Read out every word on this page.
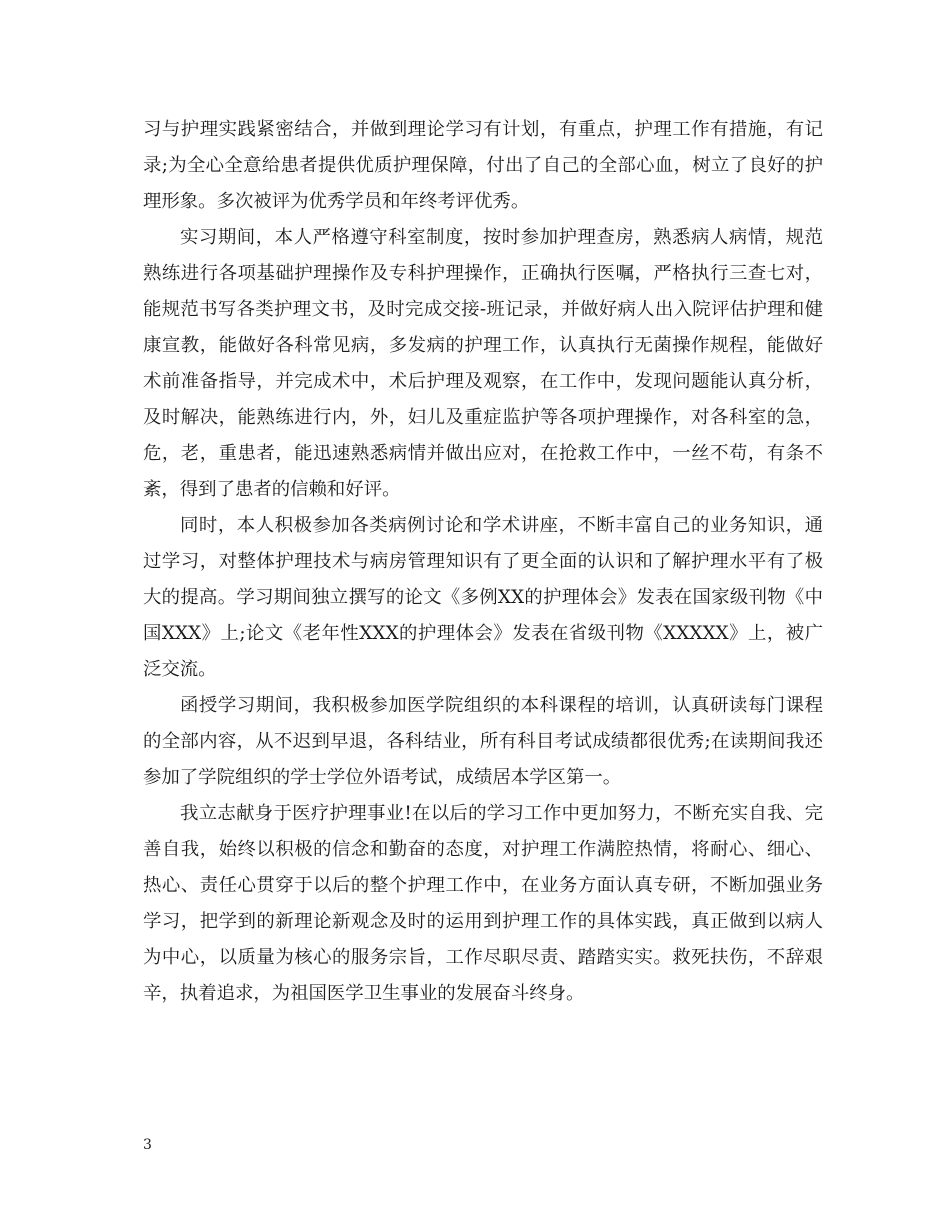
习与护理实践紧密结合，并做到理论学习有计划，有重点，护理工作有措施，有记录;为全心全意给患者提供优质护理保障，付出了自己的全部心血，树立了良好的护理形象。多次被评为优秀学员和年终考评优秀。

实习期间，本人严格遵守科室制度，按时参加护理查房，熟悉病人病情，规范熟练进行各项基础护理操作及专科护理操作，正确执行医嘱，严格执行三查七对，能规范书写各类护理文书，及时完成交接-班记录，并做好病人出入院评估护理和健康宣教，能做好各科常见病，多发病的护理工作，认真执行无菌操作规程，能做好术前准备指导，并完成术中，术后护理及观察，在工作中，发现问题能认真分析，及时解决，能熟练进行内，外，妇儿及重症监护等各项护理操作，对各科室的急，危，老，重患者，能迅速熟悉病情并做出应对，在抢救工作中，一丝不苟，有条不紊，得到了患者的信赖和好评。

同时，本人积极参加各类病例讨论和学术讲座，不断丰富自己的业务知识，通过学习，对整体护理技术与病房管理知识有了更全面的认识和了解护理水平有了极大的提高。学习期间独立撰写的论文《多例XX的护理体会》发表在国家级刊物《中国XXX》上;论文《老年性XXX的护理体会》发表在省级刊物《XXXXX》上，被广泛交流。

函授学习期间，我积极参加医学院组织的本科课程的培训，认真研读每门课程的全部内容，从不迟到早退，各科结业，所有科目考试成绩都很优秀;在读期间我还参加了学院组织的学士学位外语考试，成绩居本学区第一。

我立志献身于医疗护理事业!在以后的学习工作中更加努力，不断充实自我、完善自我，始终以积极的信念和勤奋的态度，对护理工作满腔热情，将耐心、细心、热心、责任心贯穿于以后的整个护理工作中，在业务方面认真专研，不断加强业务学习，把学到的新理论新观念及时的运用到护理工作的具体实践，真正做到以病人为中心，以质量为核心的服务宗旨，工作尽职尽责、踏踏实实。救死扶伤，不辞艰辛，执着追求，为祖国医学卫生事业的发展奋斗终身。

3
